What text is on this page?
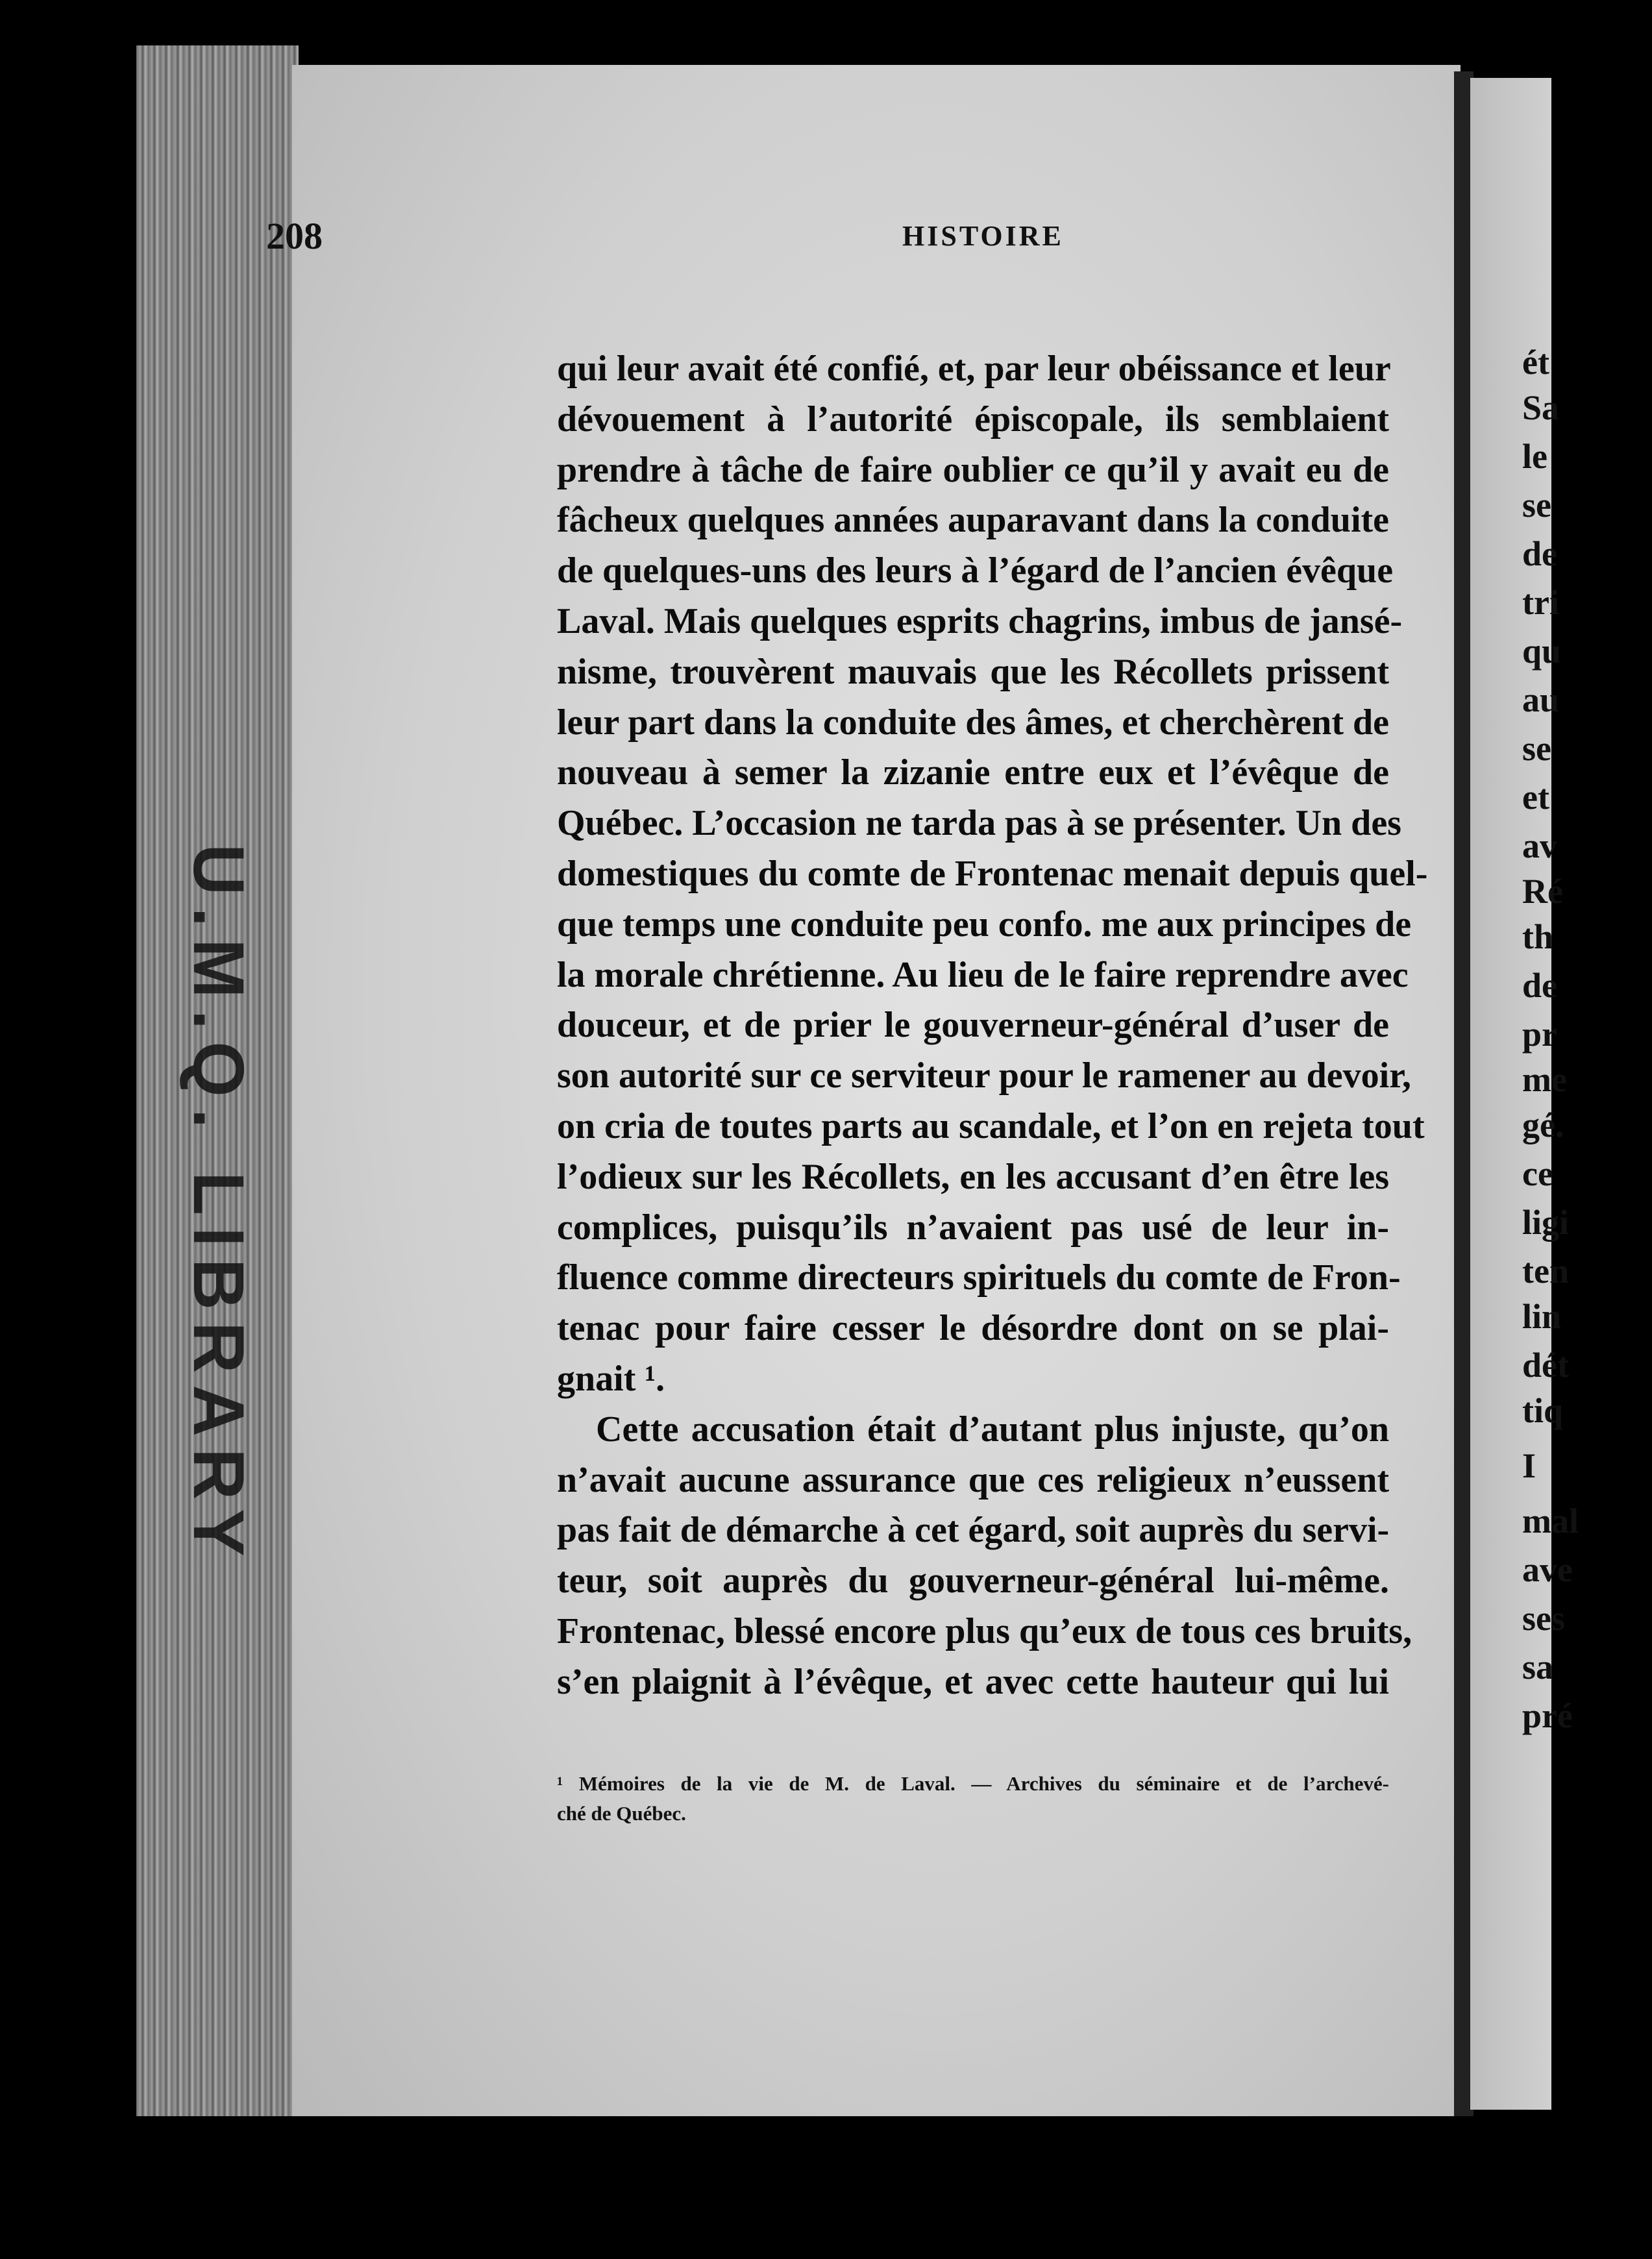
U.M.Q. LIBRARY
208	HISTOIRE

qui leur avait été confié, et, par leur obéissance et leur
dévouement à l’autorité épiscopale, ils semblaient
prendre à tâche de faire oublier ce qu’il y avait eu de
fâcheux quelques années auparavant dans la conduite
de quelques-uns des leurs à l’égard de l’ancien évêque
Laval. Mais quelques esprits chagrins, imbus de jansé-
nisme, trouvèrent mauvais que les Récollets prissent
leur part dans la conduite des âmes, et cherchèrent de
nouveau à semer la zizanie entre eux et l’évêque de
Québec. L’occasion ne tarda pas à se présenter. Un des
domestiques du comte de Frontenac menait depuis quel-
que temps une conduite peu confo. me aux principes de
la morale chrétienne. Au lieu de le faire reprendre avec
douceur, et de prier le gouverneur-général d’user de
son autorité sur ce serviteur pour le ramener au devoir,
on cria de toutes parts au scandale, et l’on en rejeta tout
l’odieux sur les Récollets, en les accusant d’en être les
complices, puisqu’ils n’avaient pas usé de leur in-
fluence comme directeurs spirituels du comte de Fron-
tenac pour faire cesser le désordre dont on se plai-
gnait ¹.

Cette accusation était d’autant plus injuste, qu’on
n’avait aucune assurance que ces religieux n’eussent
pas fait de démarche à cet égard, soit auprès du servi-
teur, soit auprès du gouverneur-général lui-même.
Frontenac, blessé encore plus qu’eux de tous ces bruits,
s’en plaignit à l’évêque, et avec cette hauteur qui lui

¹ Mémoires de la vie de M. de Laval. — Archives du séminaire et de l’archevé-
ché de Québec.
ét
Sa
le
se
de
tri
qu
au
se
et
av
Ré
th
de
pr
me
gé.
ce
ligi
ten
lin
dét
tiq
I
mal
ave
ses
sa
pré
